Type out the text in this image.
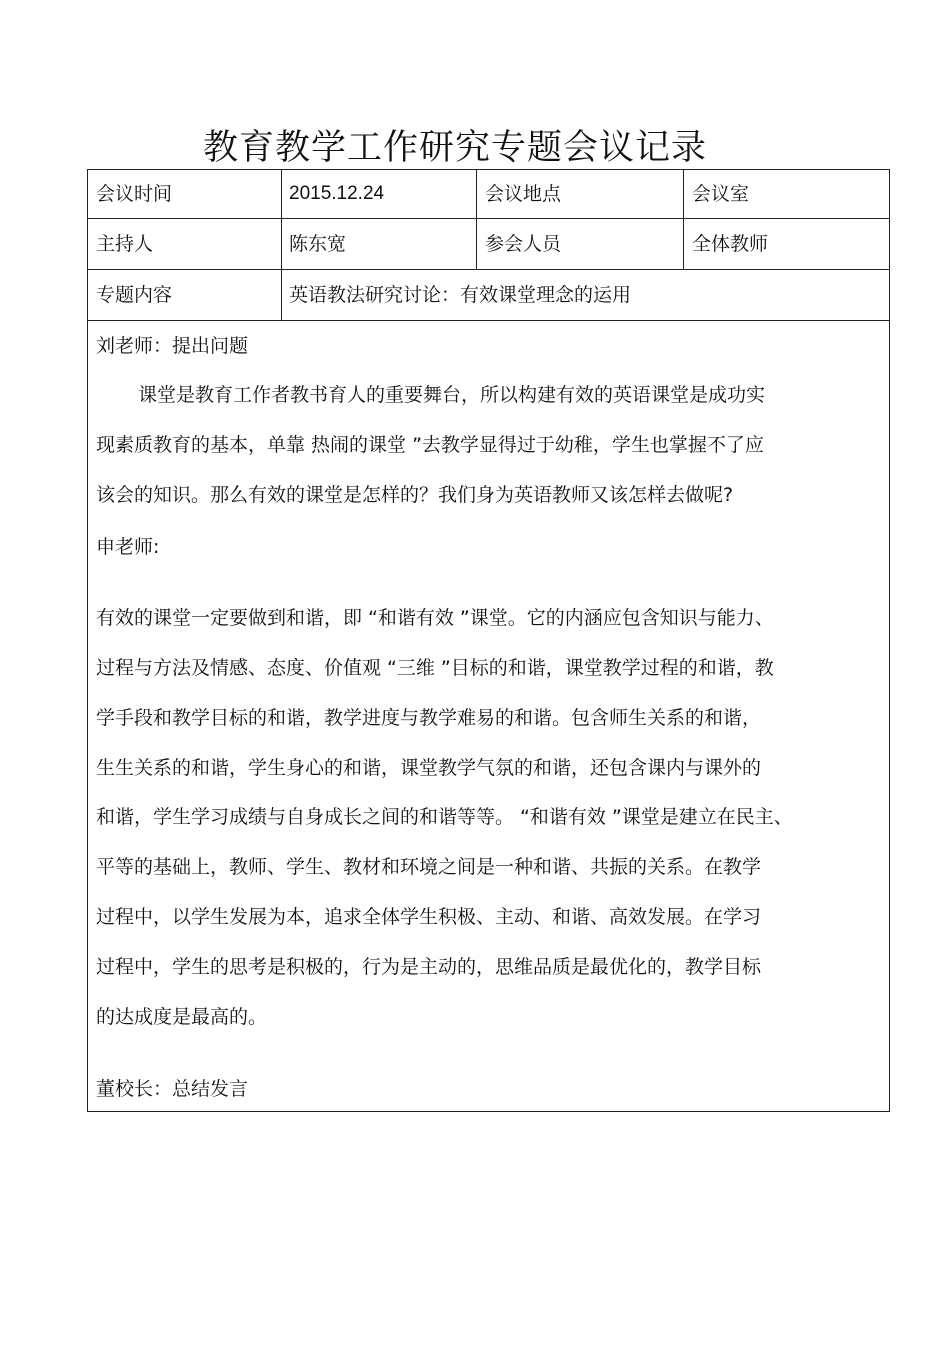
教育教学工作研究专题会议记录
会议时间	2015.12.24	会议地点	会议室
主持人	陈东宽	参会人员	全体教师
专题内容	英语教法研究讨论：有效课堂理念的运用
刘老师：提出问题
课堂是教育工作者教书育人的重要舞台，所以构建有效的英语课堂是成功实
现素质教育的基本，单靠 热闹的课堂 ”去教学显得过于幼稚，学生也掌握不了应
该会的知识。那么有效的课堂是怎样的？我们身为英语教师又该怎样去做呢?
申老师:
有效的课堂一定要做到和谐，即 “和谐有效 ”课堂。它的内涵应包含知识与能力、
过程与方法及情感、态度、价值观 “三维 ”目标的和谐，课堂教学过程的和谐，教
学手段和教学目标的和谐，教学进度与教学难易的和谐。包含师生关系的和谐，
生生关系的和谐，学生身心的和谐，课堂教学气氛的和谐，还包含课内与课外的
和谐，学生学习成绩与自身成长之间的和谐等等。 “和谐有效 ”课堂是建立在民主、
平等的基础上，教师、学生、教材和环境之间是一种和谐、共振的关系。在教学
过程中，以学生发展为本，追求全体学生积极、主动、和谐、高效发展。在学习
过程中，学生的思考是积极的，行为是主动的，思维品质是最优化的，教学目标
的达成度是最高的。
董校长：总结发言
